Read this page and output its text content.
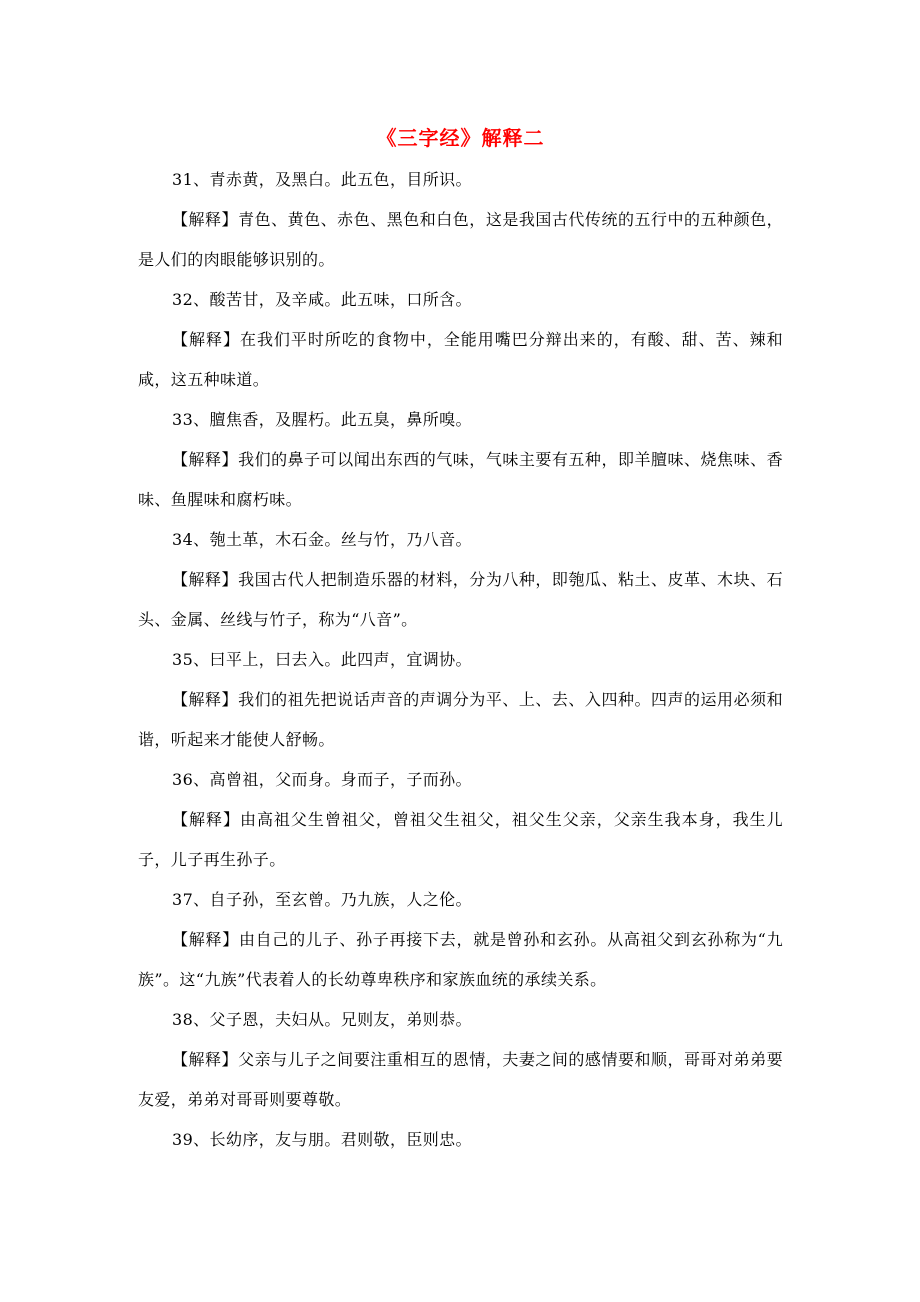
《三字经》解释二

31、青赤黄，及黑白。此五色，目所识。

【解释】青色、黄色、赤色、黑色和白色，这是我国古代传统的五行中的五种颜色，是人们的肉眼能够识别的。

32、酸苦甘，及辛咸。此五味，口所含。

【解释】在我们平时所吃的食物中，全能用嘴巴分辩出来的，有酸、甜、苦、辣和咸，这五种味道。

33、膻焦香，及腥朽。此五臭，鼻所嗅。

【解释】我们的鼻子可以闻出东西的气味，气味主要有五种，即羊膻味、烧焦味、香味、鱼腥味和腐朽味。

34、匏土革，木石金。丝与竹，乃八音。

【解释】我国古代人把制造乐器的材料，分为八种，即匏瓜、粘土、皮革、木块、石头、金属、丝线与竹子，称为“八音”。

35、曰平上，曰去入。此四声，宜调协。

【解释】我们的祖先把说话声音的声调分为平、上、去、入四种。四声的运用必须和谐，听起来才能使人舒畅。

36、高曾祖，父而身。身而子，子而孙。

【解释】由高祖父生曾祖父，曾祖父生祖父，祖父生父亲，父亲生我本身，我生儿子，儿子再生孙子。

37、自子孙，至玄曾。乃九族，人之伦。

【解释】由自己的儿子、孙子再接下去，就是曾孙和玄孙。从高祖父到玄孙称为“九族”。这“九族”代表着人的长幼尊卑秩序和家族血统的承续关系。

38、父子恩，夫妇从。兄则友，弟则恭。

【解释】父亲与儿子之间要注重相互的恩情，夫妻之间的感情要和顺，哥哥对弟弟要友爱，弟弟对哥哥则要尊敬。

39、长幼序，友与朋。君则敬，臣则忠。
